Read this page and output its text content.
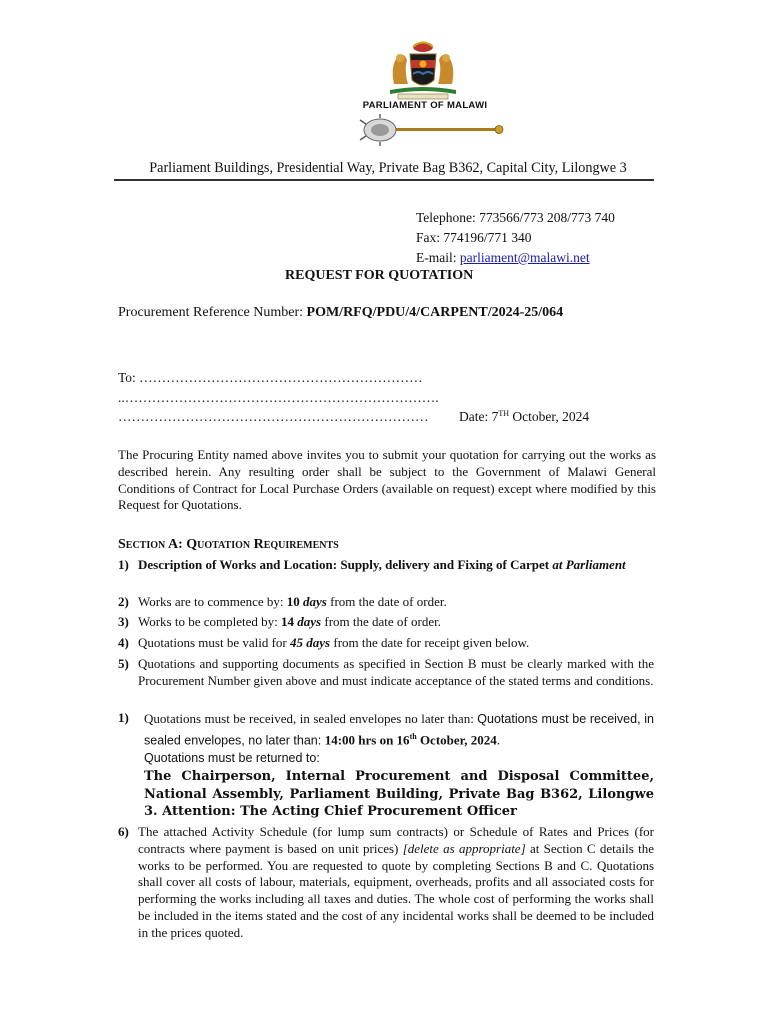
PARLIAMENT OF MALAWI
Parliament Buildings, Presidential Way, Private Bag B362, Capital City, Lilongwe 3
Telephone: 773566/773 208/773 740
Fax: 774196/771 340
E-mail: parliament@malawi.net
REQUEST FOR QUOTATION
Procurement Reference Number: POM/RFQ/PDU/4/CARPENT/2024-25/064
To: ………………………………………………………
..…………………………………………………………….
…………………………………………………………… Date: 7TH October, 2024
The Procuring Entity named above invites you to submit your quotation for carrying out the works as described herein. Any resulting order shall be subject to the Government of Malawi General Conditions of Contract for Local Purchase Orders (available on request) except where modified by this Request for Quotations.
Section A: Quotation Requirements
1) Description of Works and Location: Supply, delivery and Fixing of Carpet at Parliament
2) Works are to commence by: 10 days from the date of order.
3) Works to be completed by: 14 days from the date of order.
4) Quotations must be valid for 45 days from the date for receipt given below.
5) Quotations and supporting documents as specified in Section B must be clearly marked with the Procurement Number given above and must indicate acceptance of the stated terms and conditions.
1) Quotations must be received, in sealed envelopes no later than: Quotations must be received, in sealed envelopes, no later than: 14:00 hrs on 16th October, 2024.
Quotations must be returned to:
The Chairperson, Internal Procurement and Disposal Committee, National Assembly, Parliament Building, Private Bag B362, Lilongwe 3. Attention: The Acting Chief Procurement Officer
6) The attached Activity Schedule (for lump sum contracts) or Schedule of Rates and Prices (for contracts where payment is based on unit prices) [delete as appropriate] at Section C details the works to be performed. You are requested to quote by completing Sections B and C. Quotations shall cover all costs of labour, materials, equipment, overheads, profits and all associated costs for performing the works including all taxes and duties. The whole cost of performing the works shall be included in the items stated and the cost of any incidental works shall be deemed to be included in the prices quoted.
